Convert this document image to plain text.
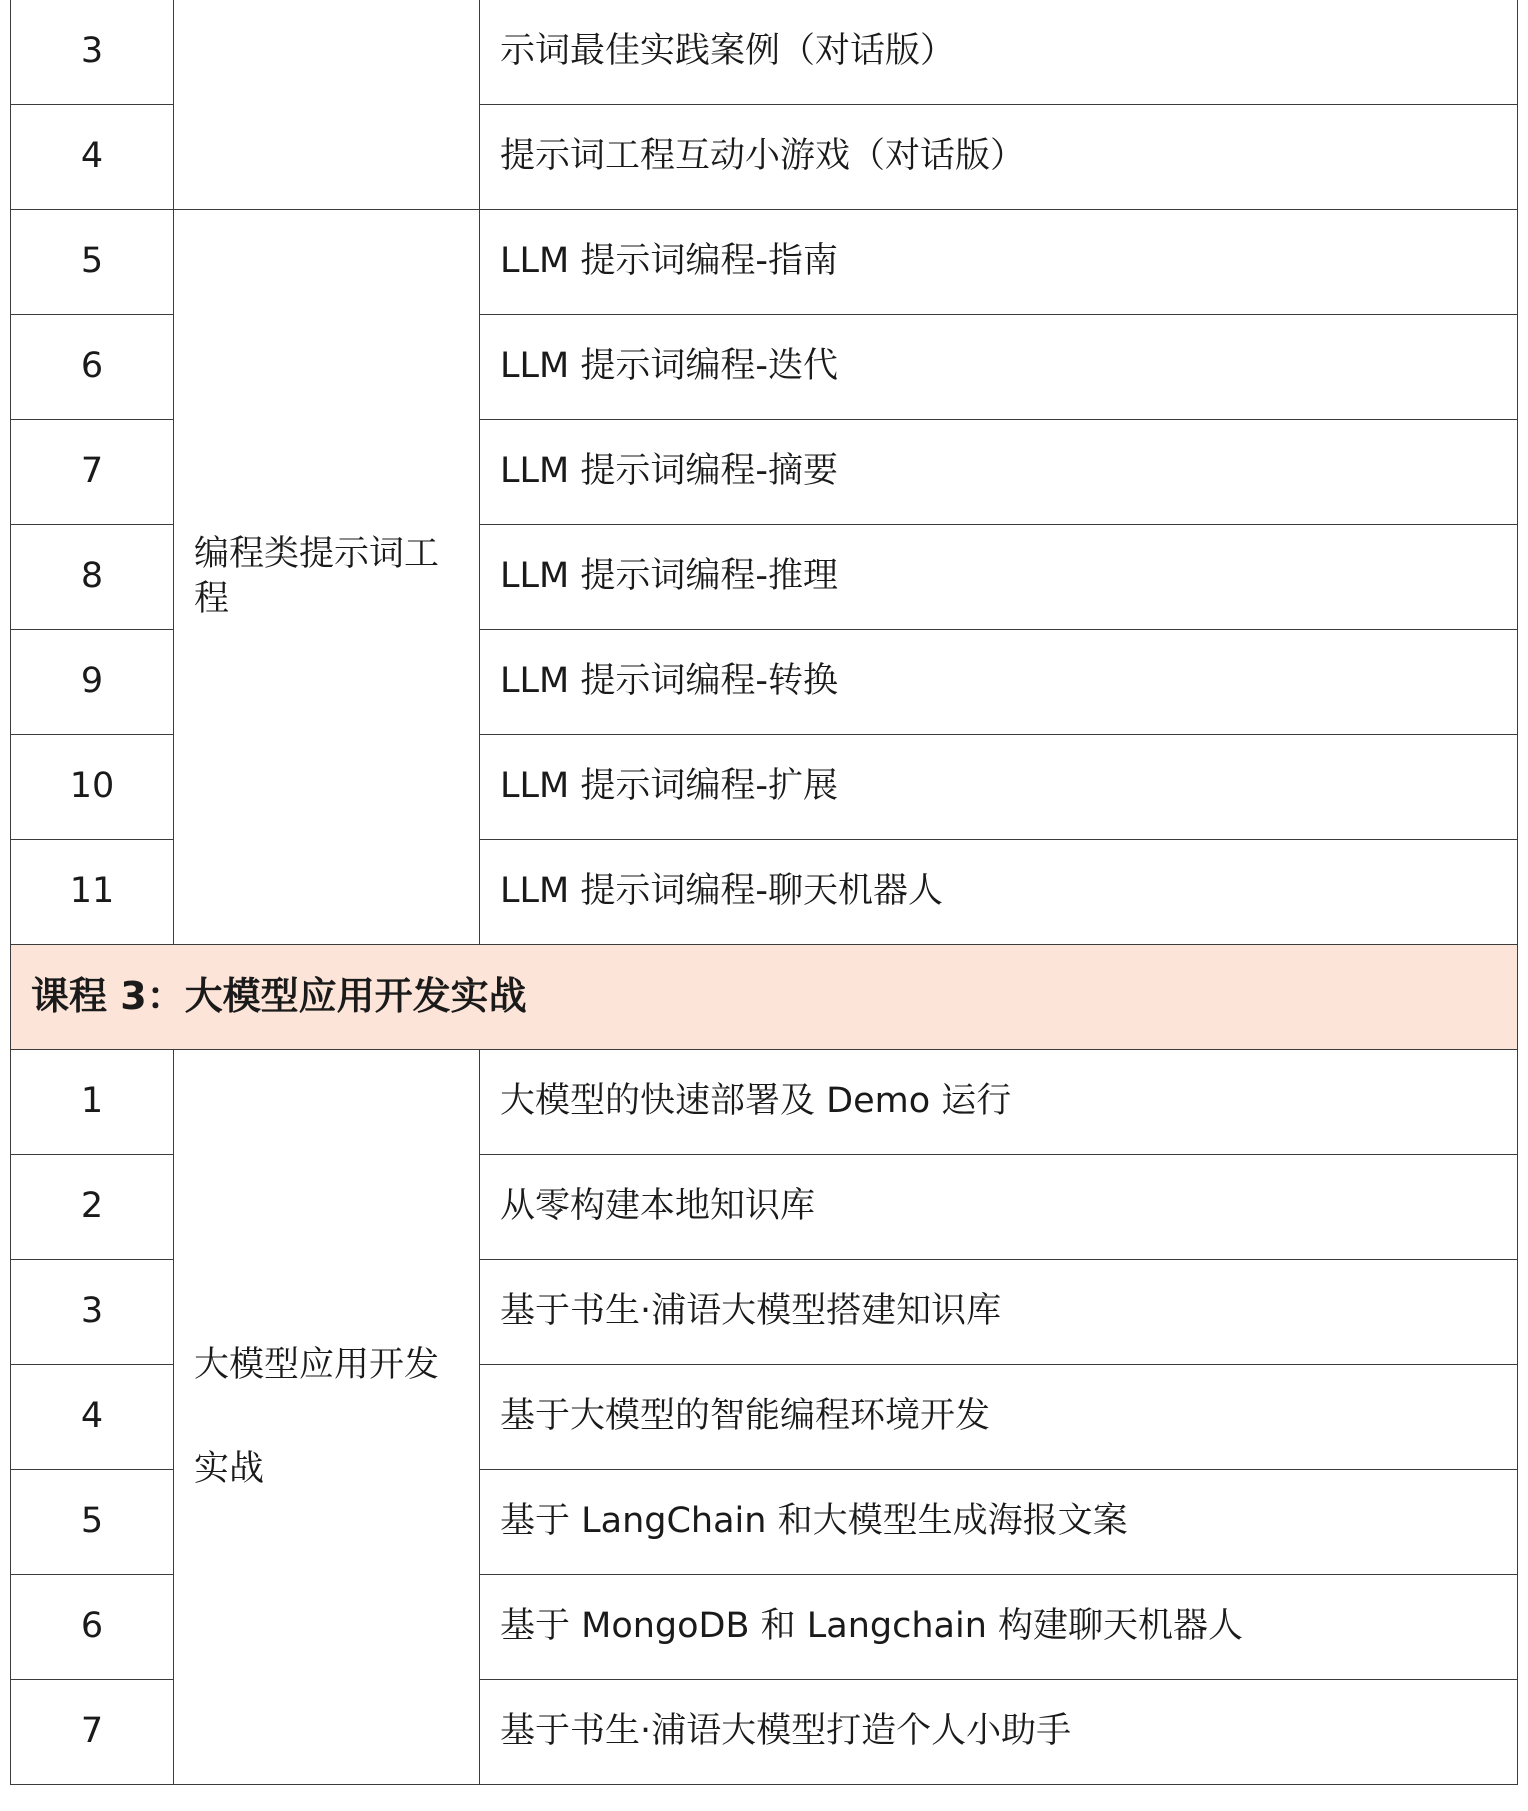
3		示词最佳实践案例（对话版）
4		提示词工程互动小游戏（对话版）
5	编程类提示词工程	LLM 提示词编程-指南
6		LLM 提示词编程-迭代
7		LLM 提示词编程-摘要
8		LLM 提示词编程-推理
9		LLM 提示词编程-转换
10		LLM 提示词编程-扩展
11		LLM 提示词编程-聊天机器人
课程 3：大模型应用开发实战		
1	大模型应用开发实战	大模型的快速部署及 Demo 运行
2		从零构建本地知识库
3		基于书生·浦语大模型搭建知识库
4		基于大模型的智能编程环境开发
5		基于 LangChain 和大模型生成海报文案
6		基于 MongoDB 和 Langchain 构建聊天机器人
7		基于书生·浦语大模型打造个人小助手
